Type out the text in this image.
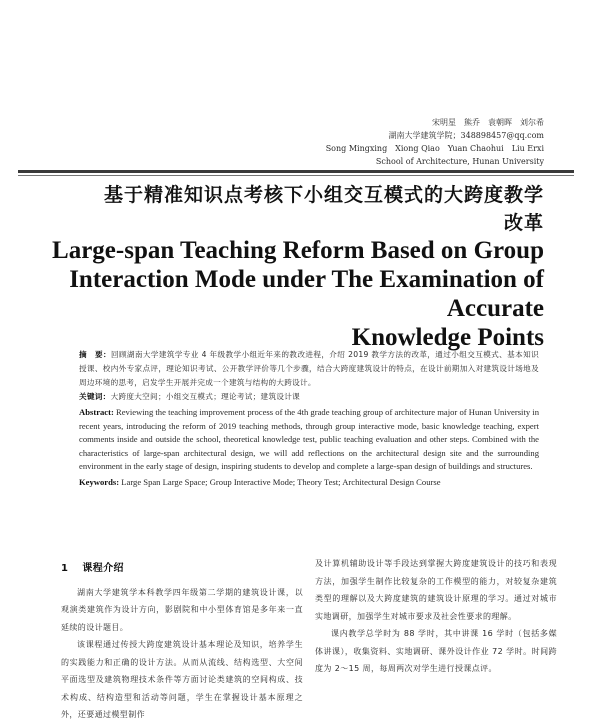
宋明星　熊乔　袁朝晖　刘尔希
湖南大学建筑学院；348898457@qq.com
Song Mingxing　Xiong Qiao　Yuan Chaohui　Liu Erxi
School of Architecture, Hunan University
基于精准知识点考核下小组交互模式的大跨度教学
改革
Large-span Teaching Reform Based on Group
Interaction Mode under The Examination of Accurate
Knowledge Points
摘　要：回顾湖南大学建筑学专业 4 年级教学小组近年来的教改进程，介绍 2019 教学方法的改革，通过小组交互模式、基本知识授课、校内外专家点评，理论知识考试、公开教学评价等几个步骤，结合大跨度建筑设计的特点，在设计前期加入对建筑设计场地及周边环境的思考，启发学生开展并完成一个建筑与结构的大跨设计。
关键词：大跨度大空间；小组交互模式；理论考试；建筑设计课
Abstract: Reviewing the teaching improvement process of the 4th grade teaching group of architecture major of Hunan University in recent years, introducing the reform of 2019 teaching methods, through group interactive mode, basic knowledge teaching, expert comments inside and outside the school, theoretical knowledge test, public teaching evaluation and other steps. Combined with the characteristics of large-span architectural design, we will add reflections on the architectural design site and the surrounding environment in the early stage of design, inspiring students to develop and complete a large-span design of buildings and structures.
Keywords: Large Span Large Space; Group Interactive Mode; Theory Test; Architectural Design Course
1 课程介绍
湖南大学建筑学本科教学四年级第二学期的建筑设计课，以观演类建筑作为设计方向，影剧院和中小型体育馆是多年来一直延续的设计题目。
该课程通过传授大跨度建筑设计基本理论及知识，培养学生的实践能力和正确的设计方法。从而从流线、结构选型、大空间平面选型及建筑物理技术条件等方面讨论类建筑的空间构成、技术构成、结构造型和活动等问题，学生在掌握设计基本原理之外，还要通过模型制作
及计算机辅助设计等手段达到掌握大跨度建筑设计的技巧和表现方法，加强学生制作比较复杂的工作模型的能力，对较复杂建筑类型的理解以及大跨度建筑的建筑设计原理的学习。通过对城市实地调研，加强学生对城市要求及社会性要求的理解。
课内教学总学时为 88 学时，其中讲课 16 学时（包括多媒体讲课），收集资料、实地调研、课外设计作业 72 学时。时间跨度为 2～15 周，每周两次对学生进行授课点评。
